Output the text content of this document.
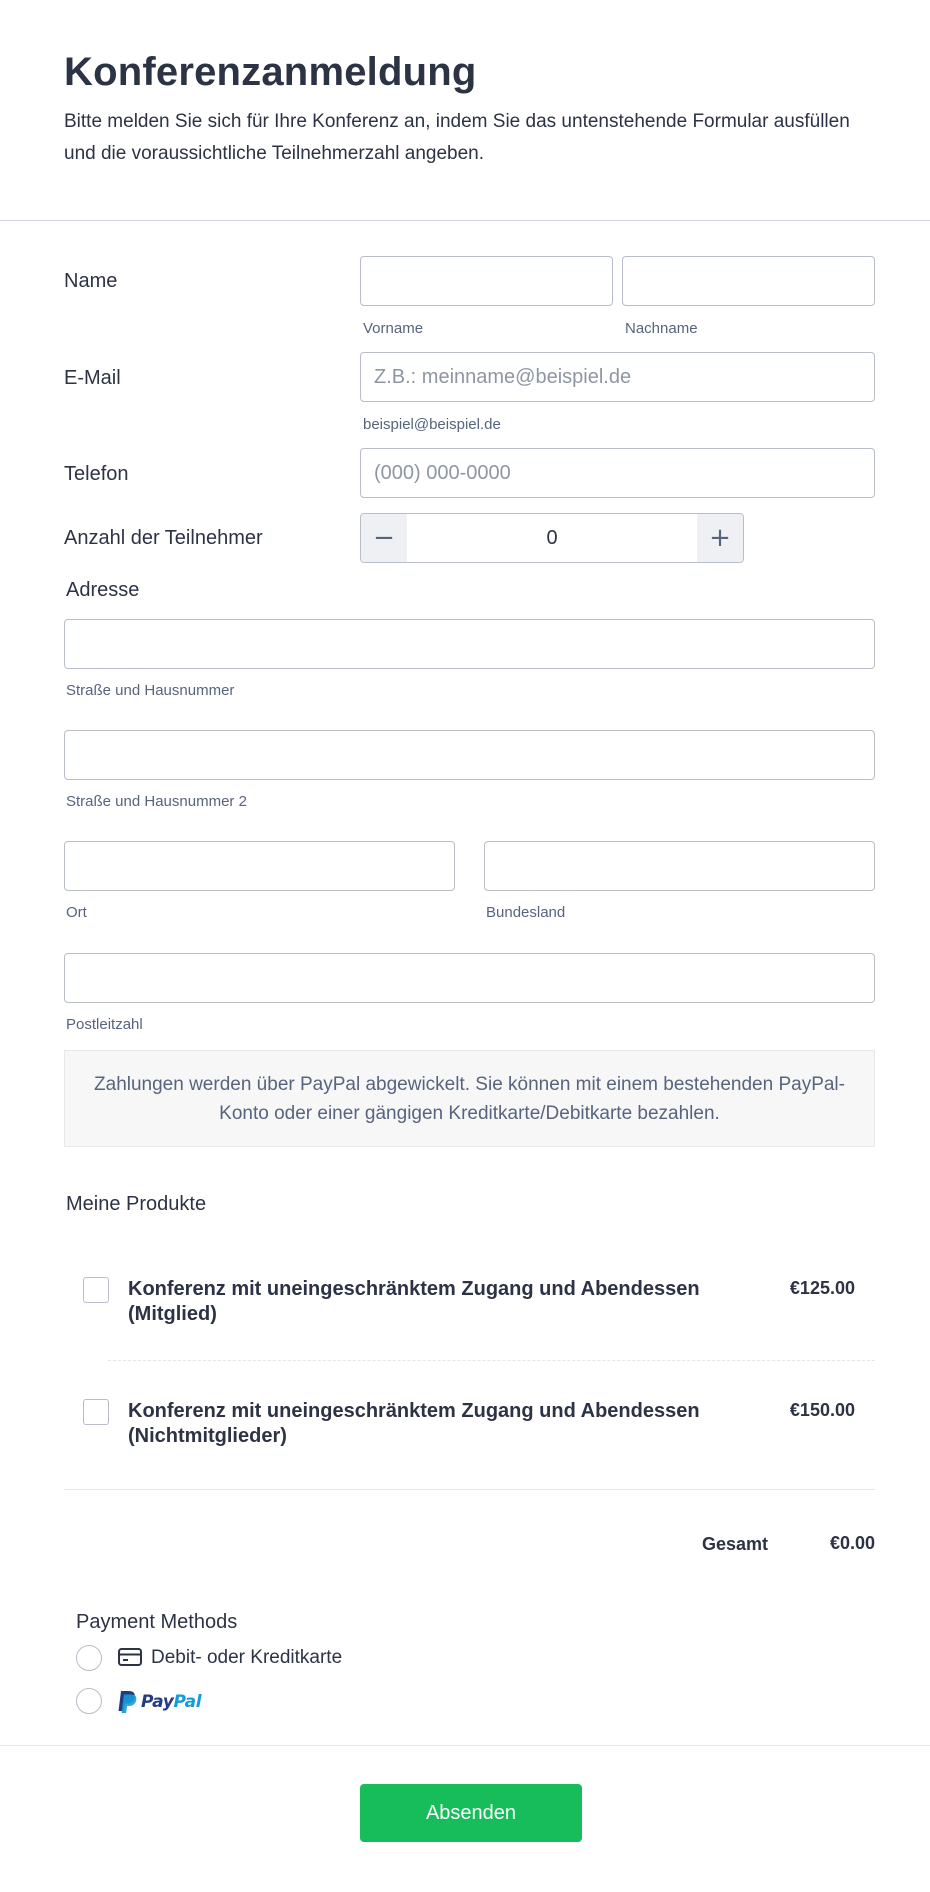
Konferenzanmeldung

Bitte melden Sie sich für Ihre Konferenz an, indem Sie das untenstehende Formular ausfüllen und die voraussichtliche Teilnehmerzahl angeben.

Name
Vorname	Nachname
E-Mail
Z.B.: meinname@beispiel.de
beispiel@beispiel.de
Telefon
(000) 000-0000
Anzahl der Teilnehmer	−	0	+
Adresse
Straße und Hausnummer
Straße und Hausnummer 2
Ort	Bundesland
Postleitzahl
Zahlungen werden über PayPal abgewickelt. Sie können mit einem bestehenden PayPal-Konto oder einer gängigen Kreditkarte/Debitkarte bezahlen.
Meine Produkte
Konferenz mit uneingeschränktem Zugang und Abendessen (Mitglied)
€125.00
Konferenz mit uneingeschränktem Zugang und Abendessen (Nichtmitglieder)
€150.00
Gesamt	€0.00
Payment Methods
Debit- oder Kreditkarte
PayPal
Absenden
